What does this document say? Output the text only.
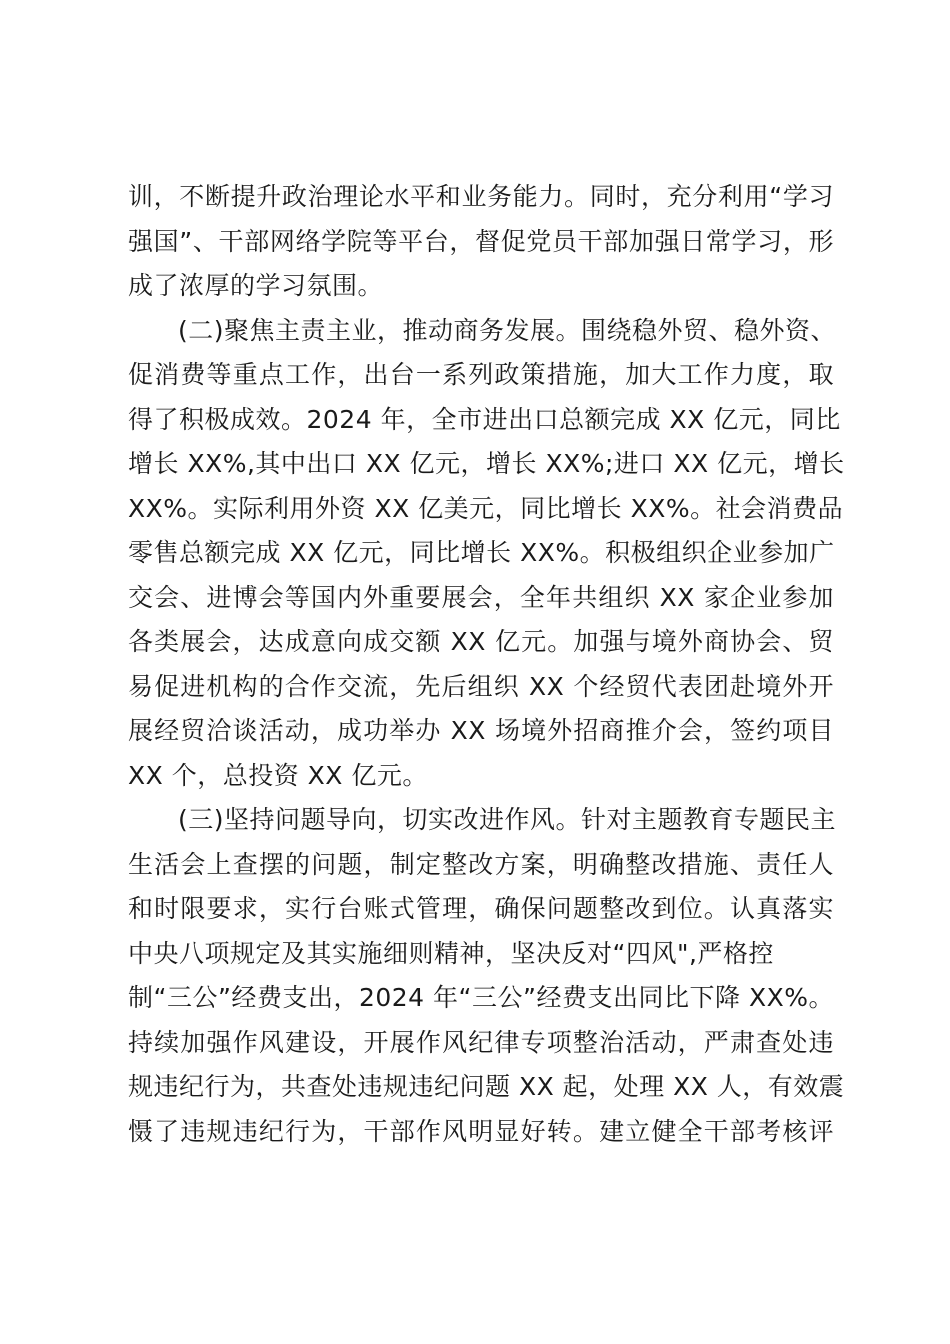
训，不断提升政治理论水平和业务能力。同时，充分利用“学习
强国”、干部网络学院等平台，督促党员干部加强日常学习，形
成了浓厚的学习氛围。
(二)聚焦主责主业，推动商务发展。围绕稳外贸、稳外资、
促消费等重点工作，出台一系列政策措施，加大工作力度，取
得了积极成效。2024 年，全市进出口总额完成 XX 亿元，同比
增长 XX%,其中出口 XX 亿元，增长 XX%;进口 XX 亿元，增长
XX%。实际利用外资 XX 亿美元，同比增长 XX%。社会消费品
零售总额完成 XX 亿元，同比增长 XX%。积极组织企业参加广
交会、进博会等国内外重要展会，全年共组织 XX 家企业参加
各类展会，达成意向成交额 XX 亿元。加强与境外商协会、贸
易促进机构的合作交流，先后组织 XX 个经贸代表团赴境外开
展经贸洽谈活动，成功举办 XX 场境外招商推介会，签约项目
XX 个，总投资 XX 亿元。
(三)坚持问题导向，切实改进作风。针对主题教育专题民主
生活会上查摆的问题，制定整改方案，明确整改措施、责任人
和时限要求，实行台账式管理，确保问题整改到位。认真落实
中央八项规定及其实施细则精神，坚决反对“四风",严格控
制“三公”经费支出，2024 年“三公”经费支出同比下降 XX%。
持续加强作风建设，开展作风纪律专项整治活动，严肃查处违
规违纪行为，共查处违规违纪问题 XX 起，处理 XX 人，有效震
慑了违规违纪行为，干部作风明显好转。建立健全干部考核评
